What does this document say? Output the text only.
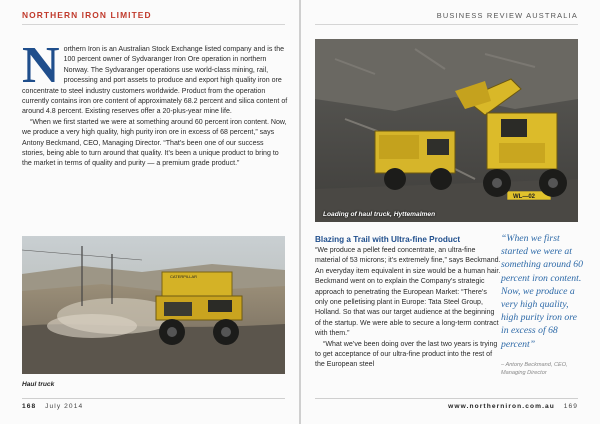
NORTHERN IRON LIMITED

Northern Iron is an Australian Stock Exchange listed company and is the 100 percent owner of Sydvaranger Iron Ore operation in northern Norway. The Sydvaranger operations use world-class mining, rail, processing and port assets to produce and export high quality iron ore concentrate to steel industry customers worldwide. Product from the operation currently contains iron ore content of approximately 68.2 percent and silica content of around 4.8 percent. Existing reserves offer a 20-plus-year mine life.

“When we first started we were at something around 60 percent iron content. Now, we produce a very high quality, high purity iron ore in excess of 68 percent,” says Antony Beckmand, CEO, Managing Director. “That’s been one of our success stories, being able to turn around that quality. It’s been a unique product to bring to the market in terms of quality and purity — a premium grade product.”

CATERPILLAR
Haul truck
168 July 2014
BUSINESS REVIEW AUSTRALIA
WL—02
Loading of haul truck, Hyttemalmen
Blazing a Trail with Ultra-fine Product

“We produce a pellet feed concentrate, an ultra-fine material of 53 microns; it’s extremely fine,” says Beckmand. An everyday item equivalent in size would be a human hair. Beckmand went on to explain the Company’s strategic approach to penetrating the European Market: “There’s only one pelletising plant in Europe: Tata Steel Group, Holland. So that was our target audience at the beginning of the startup. We were able to secure a long-term contract with them.”

“What we’ve been doing over the last two years is trying to get acceptance of our ultra-fine product into the rest of the European steel

“When we first started we were at something around 60 percent iron content. Now, we produce a very high quality, high purity iron ore in excess of 68 percent”
– Antony Beckmand, CEO, Managing Director
www.northerniron.com.au 169
